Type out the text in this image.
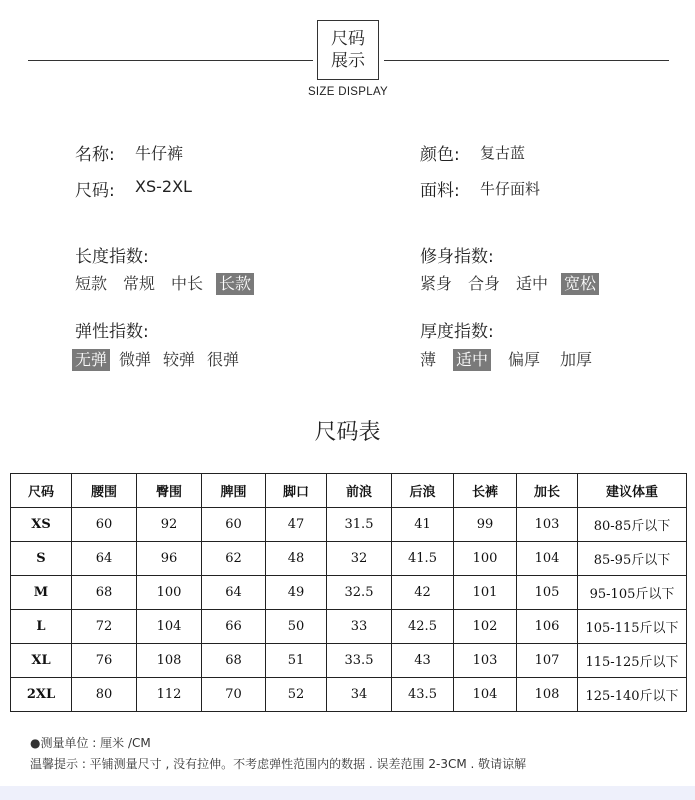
尺码
展示
SIZE DISPLAY
名称: 牛仔裤
尺码: XS-2XL
颜色: 复古蓝
面料: 牛仔面料
长度指数:
短款 常规 中长 长款
修身指数:
紧身 合身 适中 宽松
弹性指数:
无弹 微弹 较弹 很弹
厚度指数:
薄 适中 偏厚 加厚
尺码表
尺码	腰围	臀围	脾围	脚口	前浪	后浪	长裤	加长	建议体重
XS	60	92	60	47	31.5	41	99	103	80-85斤以下
S	64	96	62	48	32	41.5	100	104	85-95斤以下
M	68	100	64	49	32.5	42	101	105	95-105斤以下
L	72	104	66	50	33	42.5	102	106	105-115斤以下
XL	76	108	68	51	33.5	43	103	107	115-125斤以下
2XL	80	112	70	52	34	43.5	104	108	125-140斤以下
●测量单位 : 厘米 /CM
温馨提示 : 平铺测量尺寸 , 没有拉伸。不考虑弹性范围内的数据 . 误差范围 2-3CM . 敬请谅解
